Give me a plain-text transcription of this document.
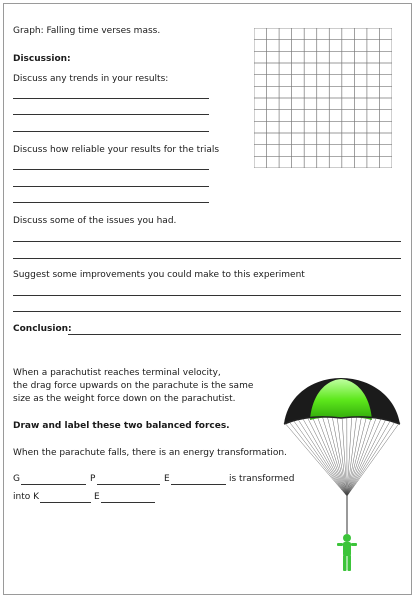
Graph: Falling time verses mass.
Discussion:
Discuss any trends in your results:
Discuss how reliable your results for the trials
Discuss some of the issues you had.
Suggest some improvements you could make to this experiment
Conclusion:
When a parachutist reaches terminal velocity,
the drag force upwards on the parachute is the same
size as the weight force down on the parachutist.
Draw and label these two balanced forces.
When the parachute falls, there is an energy transformation.
G	P	E	is transformed
into K	E
